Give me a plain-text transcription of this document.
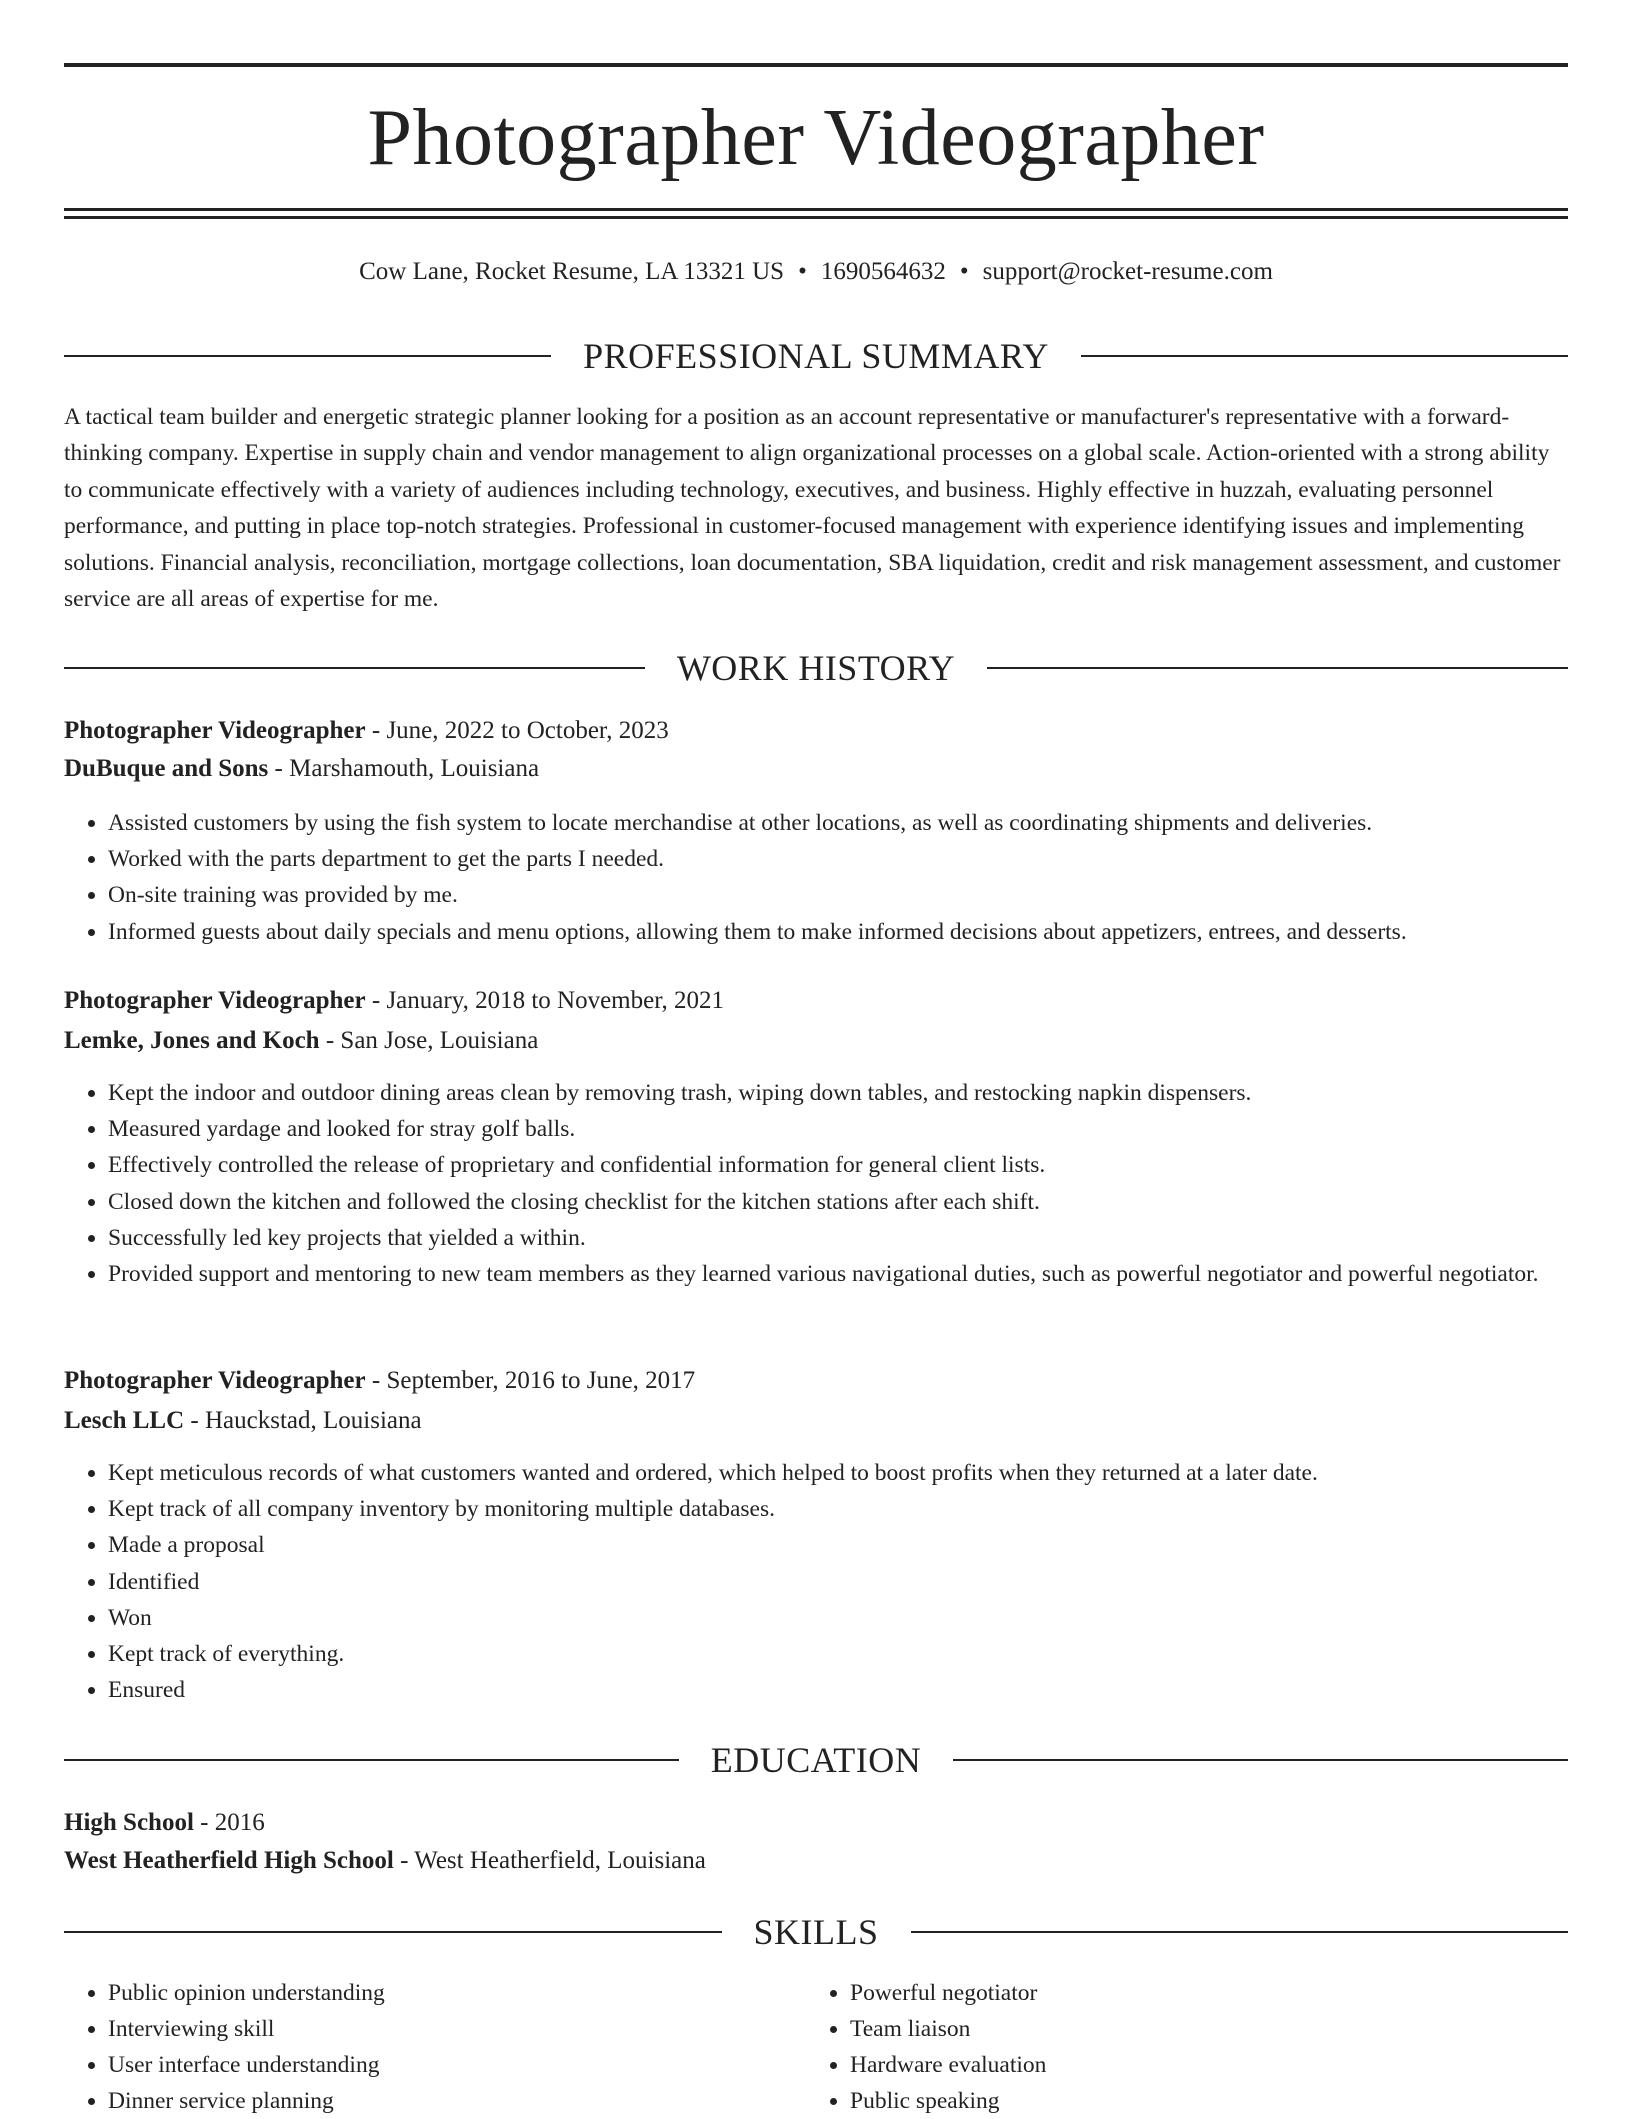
Photographer Videographer
Cow Lane, Rocket Resume, LA 13321 US • 1690564632 • support@rocket-resume.com
PROFESSIONAL SUMMARY
A tactical team builder and energetic strategic planner looking for a position as an account representative or manufacturer's representative with a forward-thinking company. Expertise in supply chain and vendor management to align organizational processes on a global scale. Action-oriented with a strong ability to communicate effectively with a variety of audiences including technology, executives, and business. Highly effective in huzzah, evaluating personnel performance, and putting in place top-notch strategies. Professional in customer-focused management with experience identifying issues and implementing solutions. Financial analysis, reconciliation, mortgage collections, loan documentation, SBA liquidation, credit and risk management assessment, and customer service are all areas of expertise for me.
WORK HISTORY
Photographer Videographer - June, 2022 to October, 2023
DuBuque and Sons - Marshamouth, Louisiana
• Assisted customers by using the fish system to locate merchandise at other locations, as well as coordinating shipments and deliveries.
• Worked with the parts department to get the parts I needed.
• On-site training was provided by me.
• Informed guests about daily specials and menu options, allowing them to make informed decisions about appetizers, entrees, and desserts.
Photographer Videographer - January, 2018 to November, 2021
Lemke, Jones and Koch - San Jose, Louisiana
• Kept the indoor and outdoor dining areas clean by removing trash, wiping down tables, and restocking napkin dispensers.
• Measured yardage and looked for stray golf balls.
• Effectively controlled the release of proprietary and confidential information for general client lists.
• Closed down the kitchen and followed the closing checklist for the kitchen stations after each shift.
• Successfully led key projects that yielded a within.
• Provided support and mentoring to new team members as they learned various navigational duties, such as powerful negotiator and powerful negotiator.
Photographer Videographer - September, 2016 to June, 2017
Lesch LLC - Hauckstad, Louisiana
• Kept meticulous records of what customers wanted and ordered, which helped to boost profits when they returned at a later date.
• Kept track of all company inventory by monitoring multiple databases.
• Made a proposal
• Identified
• Won
• Kept track of everything.
• Ensured
EDUCATION
High School - 2016
West Heatherfield High School - West Heatherfield, Louisiana
SKILLS
• Public opinion understanding
• Interviewing skill
• User interface understanding
• Dinner service planning
• Powerful negotiator
• Team liaison
• Hardware evaluation
• Public speaking
